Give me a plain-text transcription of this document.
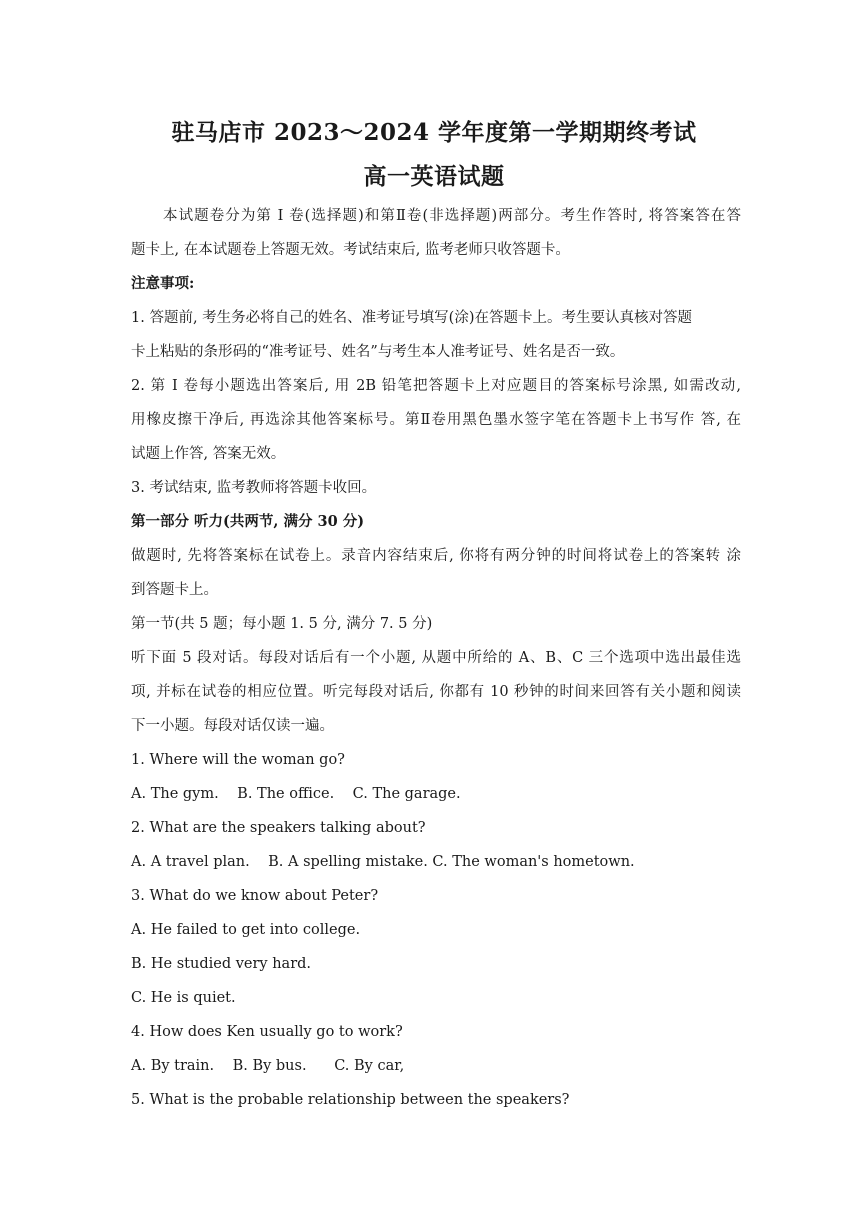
驻马店市 2023～2024 学年度第一学期期终考试
高一英语试题
本试题卷分为第 I 卷(选择题)和第Ⅱ卷(非选择题)两部分。考生作答时, 将答案答在答
题卡上, 在本试题卷上答题无效。考试结束后, 监考老师只收答题卡。
注意事项:
1. 答题前, 考生务必将自己的姓名、准考证号填写(涂)在答题卡上。考生要认真核对答题
卡上粘贴的条形码的“准考证号、姓名”与考生本人准考证号、姓名是否一致。
2. 第 I 卷每小题选出答案后, 用 2B 铅笔把答题卡上对应题目的答案标号涂黑, 如需改动,
用橡皮擦干净后, 再选涂其他答案标号。第Ⅱ卷用黑色墨水签字笔在答题卡上书写作 答, 在
试题上作答, 答案无效。
3. 考试结束, 监考教师将答题卡收回。
第一部分 听力(共两节, 满分 30 分)
做题时, 先将答案标在试卷上。录音内容结束后, 你将有两分钟的时间将试卷上的答案转 涂
到答题卡上。
第一节(共 5 题；每小题 1. 5 分, 满分 7. 5 分)
听下面 5 段对话。每段对话后有一个小题, 从题中所给的 A、B、C 三个选项中选出最佳选
项, 并标在试卷的相应位置。听完每段对话后, 你都有 10 秒钟的时间来回答有关小题和阅读
下一小题。每段对话仅读一遍。
1. Where will the woman go?
A. The gym.    B. The office.    C. The garage.
2. What are the speakers talking about?
A. A travel plan.    B. A spelling mistake. C. The woman's hometown.
3. What do we know about Peter?
A. He failed to get into college.
B. He studied very hard.
C. He is quiet.
4. How does Ken usually go to work?
A. By train.    B. By bus.      C. By car,
5. What is the probable relationship between the speakers?
